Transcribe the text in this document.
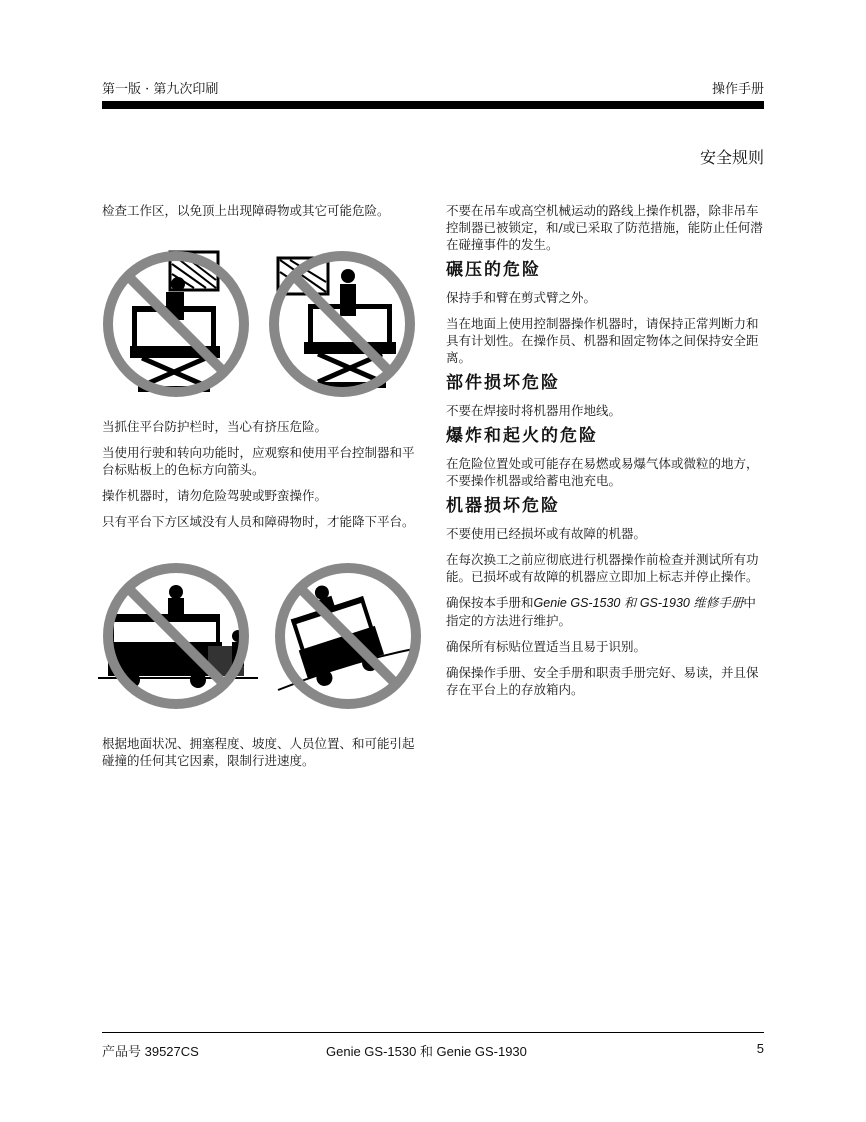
第一版 · 第九次印刷	操作手册
安全规则

检查工作区，以免顶上出现障碍物或其它可能危险。

当抓住平台防护栏时，当心有挤压危险。

当使用行驶和转向功能时，应观察和使用平台控制器和平台标贴板上的色标方向箭头。

操作机器时，请勿危险驾驶或野蛮操作。

只有平台下方区域没有人员和障碍物时，才能降下平台。

根据地面状况、拥塞程度、坡度、人员位置、和可能引起碰撞的任何其它因素，限制行进速度。

不要在吊车或高空机械运动的路线上操作机器，除非吊车控制器已被锁定，和/或已采取了防范措施，能防止任何潜在碰撞事件的发生。

碾压的危险

保持手和臂在剪式臂之外。

当在地面上使用控制器操作机器时，请保持正常判断力和具有计划性。在操作员、机器和固定物体之间保持安全距离。

部件损坏危险

不要在焊接时将机器用作地线。

爆炸和起火的危险

在危险位置处或可能存在易燃或易爆气体或微粒的地方，不要操作机器或给蓄电池充电。

机器损坏危险

不要使用已经损坏或有故障的机器。

在每次换工之前应彻底进行机器操作前检查并测试所有功能。已损坏或有故障的机器应立即加上标志并停止操作。

确保按本手册和Genie GS-1530 和 GS-1930 维修手册中指定的方法进行维护。

确保所有标贴位置适当且易于识别。

确保操作手册、安全手册和职责手册完好、易读，并且保存在平台上的存放箱内。

产品号 39527CS	Genie GS-1530 和 Genie GS-1930	5
